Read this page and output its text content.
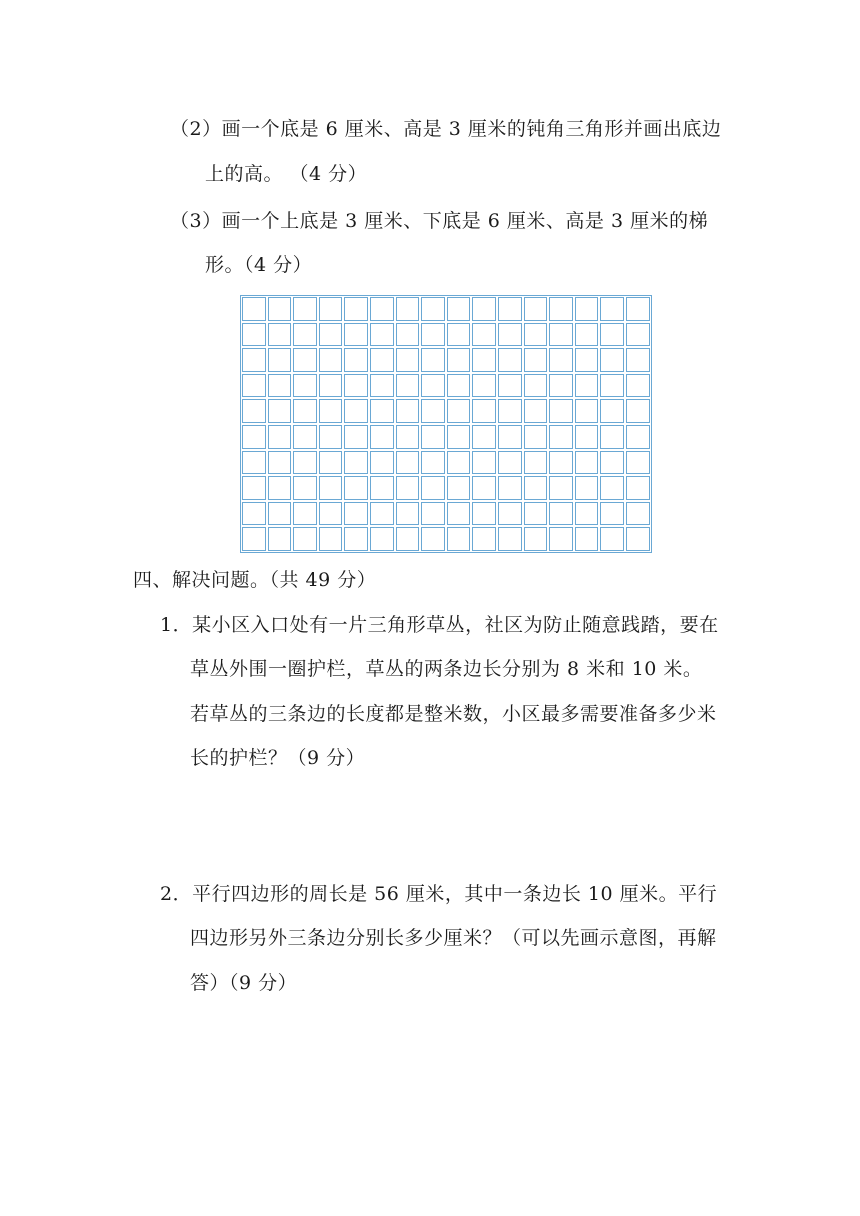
（2）画一个底是 6 厘米、高是 3 厘米的钝角三角形并画出底边
上的高。 （4 分）
（3）画一个上底是 3 厘米、下底是 6 厘米、高是 3 厘米的梯
形。（4 分）
四、解决问题。（共 49 分）
1．某小区入口处有一片三角形草丛，社区为防止随意践踏，要在
草丛外围一圈护栏，草丛的两条边长分别为 8 米和 10 米。
若草丛的三条边的长度都是整米数，小区最多需要准备多少米
长的护栏？（9 分）
2．平行四边形的周长是 56 厘米，其中一条边长 10 厘米。平行
四边形另外三条边分别长多少厘米？（可以先画示意图，再解
答）（9 分）
